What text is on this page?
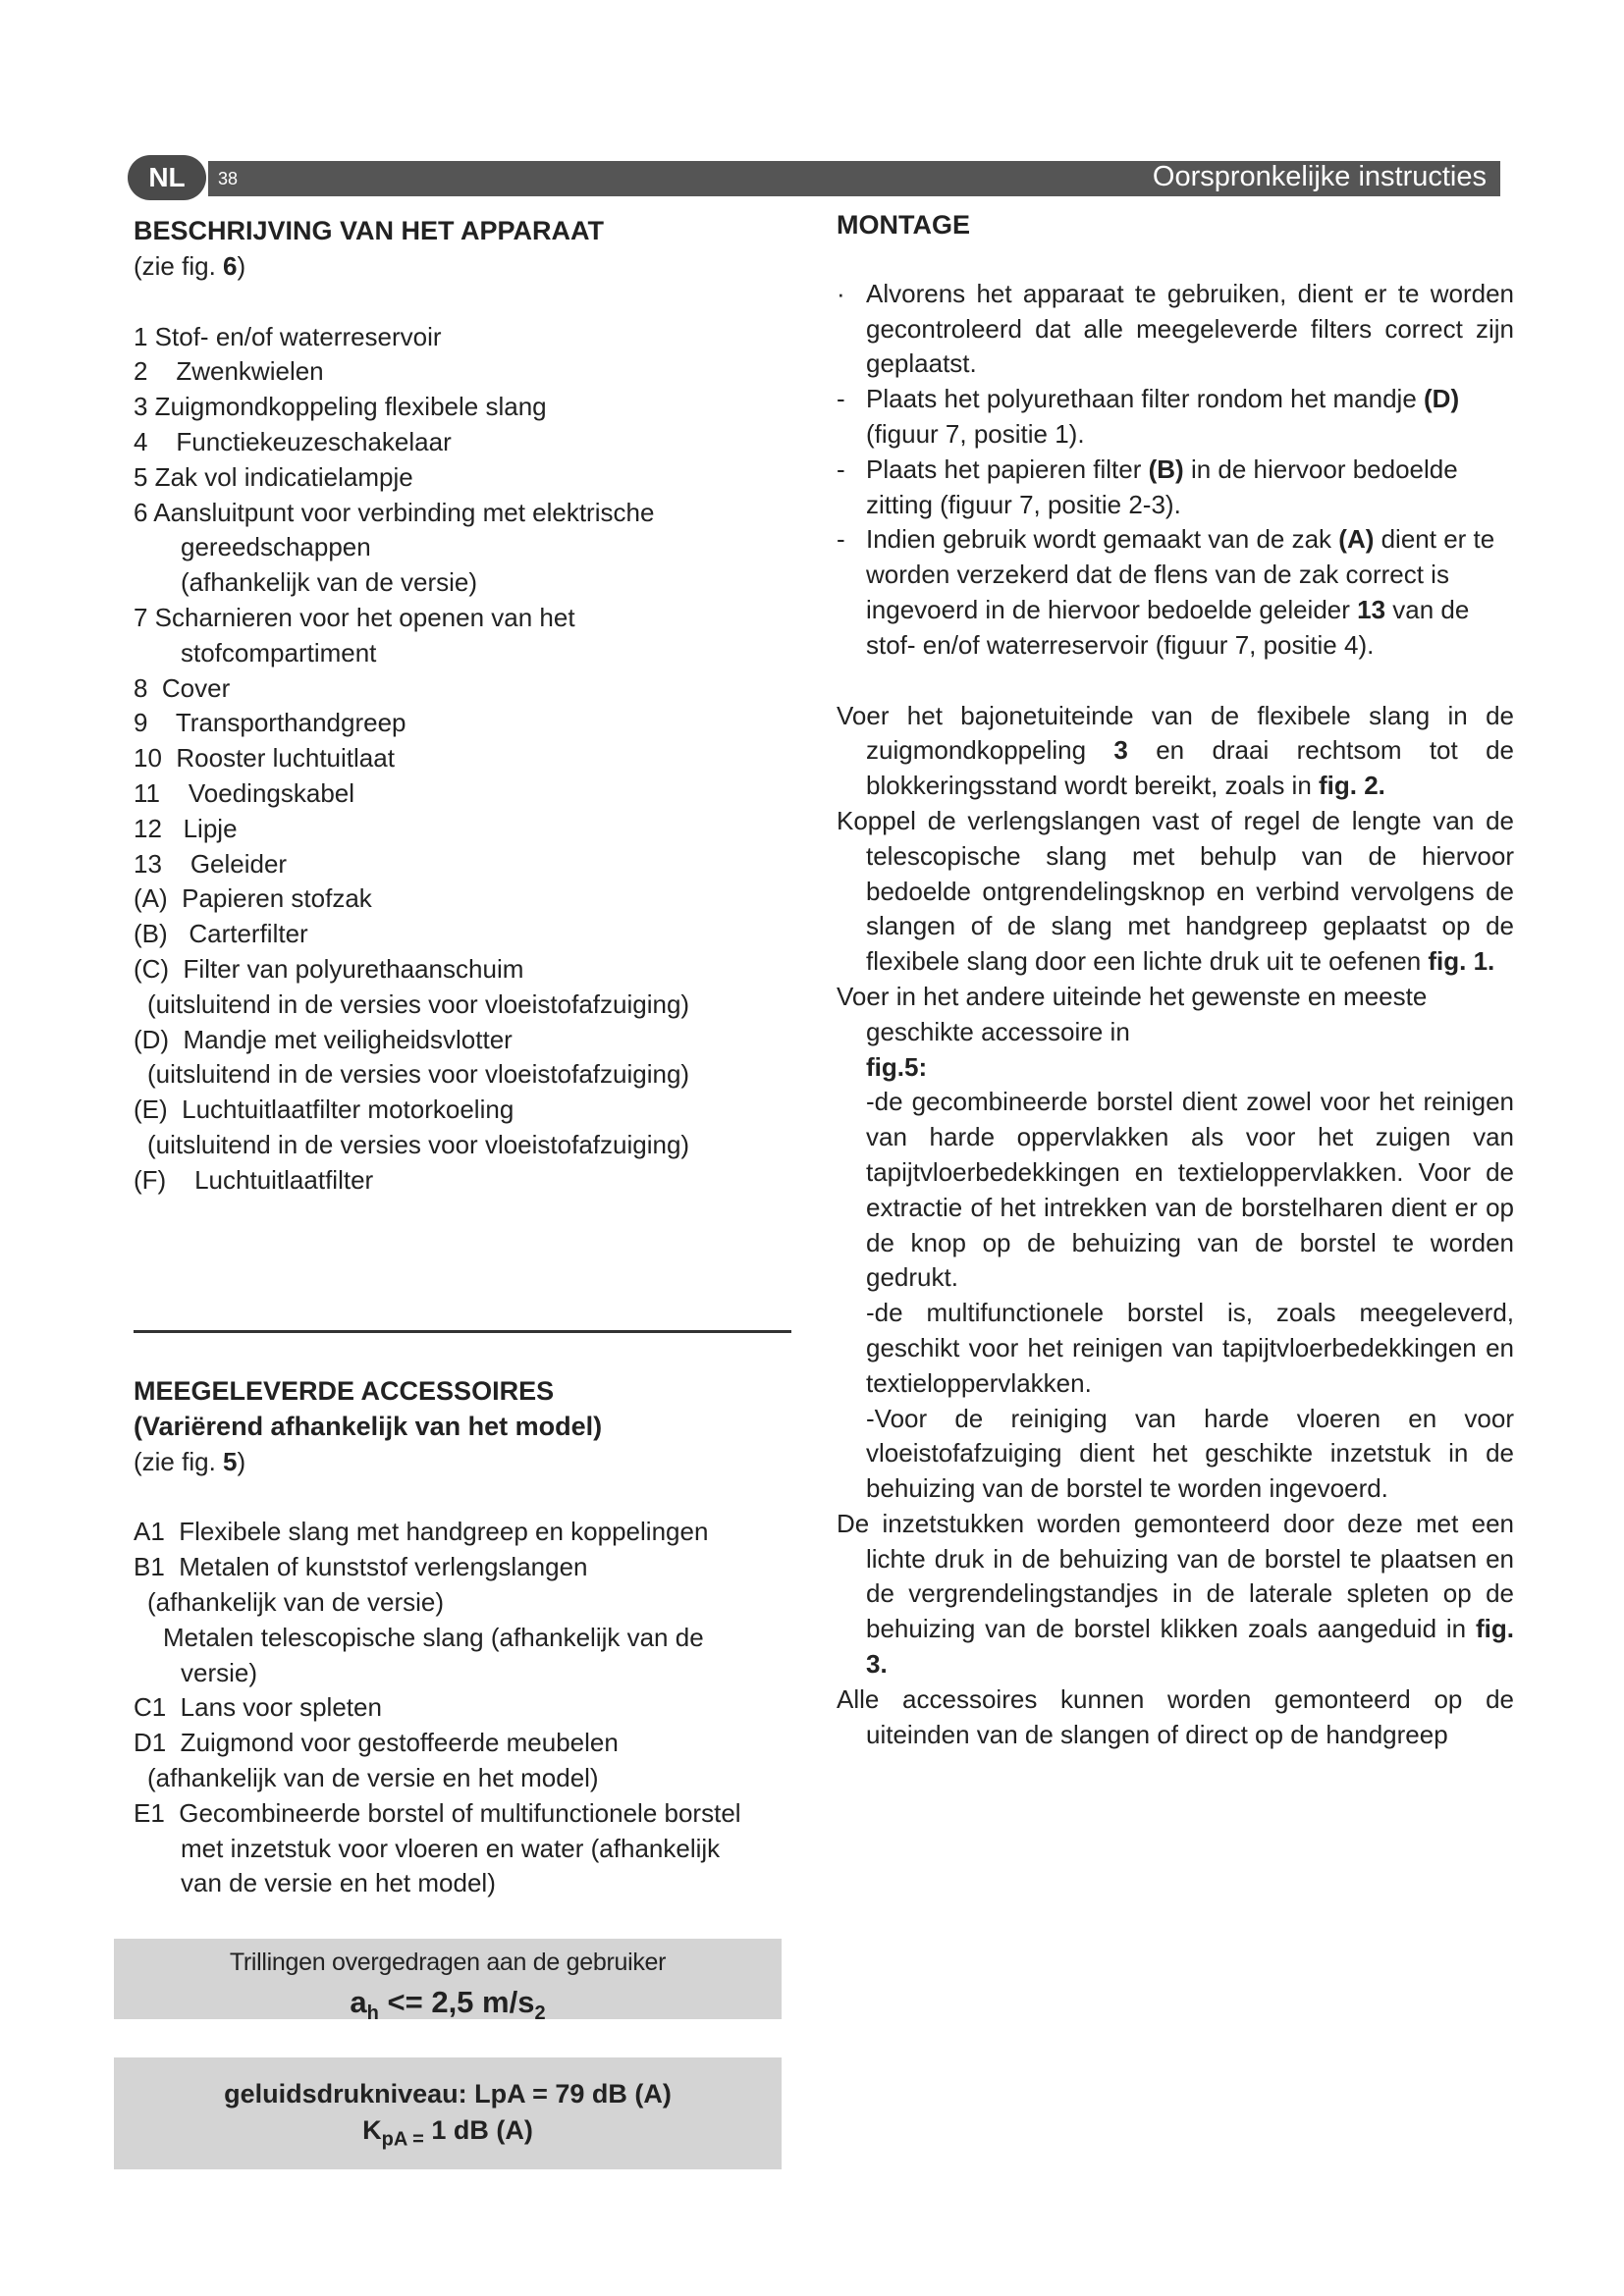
NL	38	Oorspronkelijke instructies
BESCHRIJVING VAN HET APPARAAT
(zie fig. 6)
1 Stof- en/of waterreservoir
2    Zwenkwielen
3 Zuigmondkoppeling flexibele slang
4    Functiekeuzeschakelaar
5 Zak vol indicatielampje
6 Aansluitpunt voor verbinding met elektrische
gereedschappen
(afhankelijk van de versie)
7 Scharnieren voor het openen van het
stofcompartiment
8  Cover
9    Transporthandgreep
10  Rooster luchtuitlaat
11    Voedingskabel
12   Lipje
13    Geleider
(A)  Papieren stofzak
(B)   Carterfilter
(C)  Filter van polyurethaanschuim
(uitsluitend in de versies voor vloeistofafzuiging)
(D)  Mandje met veiligheidsvlotter
(uitsluitend in de versies voor vloeistofafzuiging)
(E)  Luchtuitlaatfilter motorkoeling
(uitsluitend in de versies voor vloeistofafzuiging)
(F)    Luchtuitlaatfilter
MEEGELEVERDE ACCESSOIRES
(Variërend afhankelijk van het model)
(zie fig. 5)
A1  Flexibele slang met handgreep en koppelingen
B1  Metalen of kunststof verlengslangen
(afhankelijk van de versie)
Metalen telescopische slang (afhankelijk van de
versie)
C1  Lans voor spleten
D1  Zuigmond voor gestoffeerde meubelen
(afhankelijk van de versie en het model)
E1  Gecombineerde borstel of multifunctionele borstel
met inzetstuk voor vloeren en water (afhankelijk
van de versie en het model)
Trillingen overgedragen aan de gebruiker
$a_h <= 2,5$ $m/s_2$
geluidsdrukniveau: LpA = 79 dB (A)
$K_{pA =}$ 1 dB (A)
MONTAGE
· Alvorens het apparaat te gebruiken, dient er te worden gecontroleerd dat alle meegeleverde filters correct zijn geplaatst.
- Plaats het polyurethaan filter rondom het mandje (D) (figuur 7, positie 1).
- Plaats het papieren filter (B) in de hiervoor bedoelde zitting (figuur 7, positie 2-3).
- Indien gebruik wordt gemaakt van de zak (A) dient er te worden verzekerd dat de flens van de zak correct is ingevoerd in de hiervoor bedoelde geleider 13 van de stof- en/of waterreservoir (figuur 7, positie 4).
Voer het bajonetuiteinde van de flexibele slang in de zuigmondkoppeling 3 en draai rechtsom tot de blokkeringsstand wordt bereikt, zoals in fig. 2.
Koppel de verlengslangen vast of regel de lengte van de telescopische slang met behulp van de hiervoor bedoelde ontgrendelingsknop en verbind vervolgens de slangen of de slang met handgreep geplaatst op de flexibele slang door een lichte druk uit te oefenen fig. 1.
Voer in het andere uiteinde het gewenste en meeste geschikte accessoire in
fig.5:
-de gecombineerde borstel dient zowel voor het reinigen van harde oppervlakken als voor het zuigen van tapijtvloerbedekkingen en textieloppervlakken. Voor de extractie of het intrekken van de borstelharen dient er op de knop op de behuizing van de borstel te worden gedrukt.
-de multifunctionele borstel is, zoals meegeleverd, geschikt voor het reinigen van tapijtvloerbedekkingen en textieloppervlakken.
-Voor de reiniging van harde vloeren en voor vloeistofafzuiging dient het geschikte inzetstuk in de behuizing van de borstel te worden ingevoerd.
De inzetstukken worden gemonteerd door deze met een lichte druk in de behuizing van de borstel te plaatsen en de vergrendelingstandjes in de laterale spleten op de behuizing van de borstel klikken zoals aangeduid in fig. 3.
Alle accessoires kunnen worden gemonteerd op de uiteinden van de slangen of direct op de handgreep
